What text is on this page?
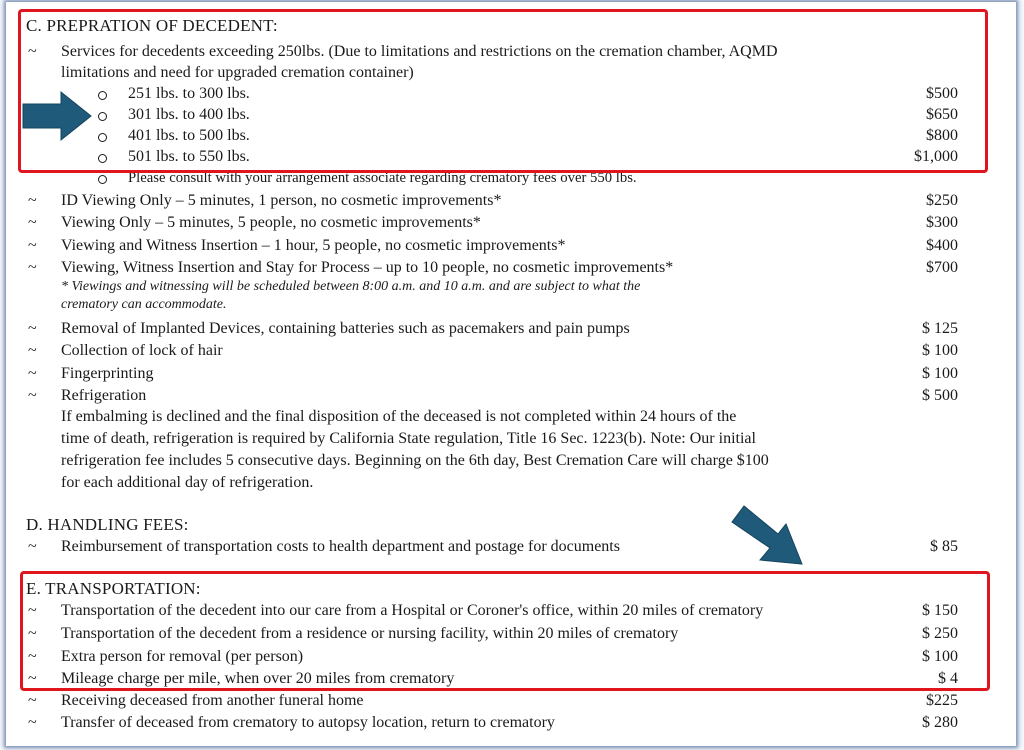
C. PREPRATION OF DECEDENT:
~ Services for decedents exceeding 250lbs. (Due to limitations and restrictions on the cremation chamber, AQMD
limitations and need for upgraded cremation container)
251 lbs. to 300 lbs.	$500
301 lbs. to 400 lbs.	$650
401 lbs. to 500 lbs.	$800
501 lbs. to 550 lbs.	$1,000
Please consult with your arrangement associate regarding crematory fees over 550 lbs.
~ ID Viewing Only – 5 minutes, 1 person, no cosmetic improvements*	$250
~ Viewing Only – 5 minutes, 5 people, no cosmetic improvements*	$300
~ Viewing and Witness Insertion – 1 hour, 5 people, no cosmetic improvements*	$400
~ Viewing, Witness Insertion and Stay for Process – up to 10 people, no cosmetic improvements*	$700
* Viewings and witnessing will be scheduled between 8:00 a.m. and 10 a.m. and are subject to what the
crematory can accommodate.
~ Removal of Implanted Devices, containing batteries such as pacemakers and pain pumps	$ 125
~ Collection of lock of hair	$ 100
~ Fingerprinting	$ 100
~ Refrigeration	$ 500
If embalming is declined and the final disposition of the deceased is not completed within 24 hours of the
time of death, refrigeration is required by California State regulation, Title 16 Sec. 1223(b). Note: Our initial
refrigeration fee includes 5 consecutive days. Beginning on the 6th day, Best Cremation Care will charge $100
for each additional day of refrigeration.
D. HANDLING FEES:
~ Reimbursement of transportation costs to health department and postage for documents	$ 85
E. TRANSPORTATION:
~ Transportation of the decedent into our care from a Hospital or Coroner's office, within 20 miles of crematory	$ 150
~ Transportation of the decedent from a residence or nursing facility, within 20 miles of crematory	$ 250
~ Extra person for removal (per person)	$ 100
~ Mileage charge per mile, when over 20 miles from crematory	$ 4
~ Receiving deceased from another funeral home	$225
~ Transfer of deceased from crematory to autopsy location, return to crematory	$ 280
